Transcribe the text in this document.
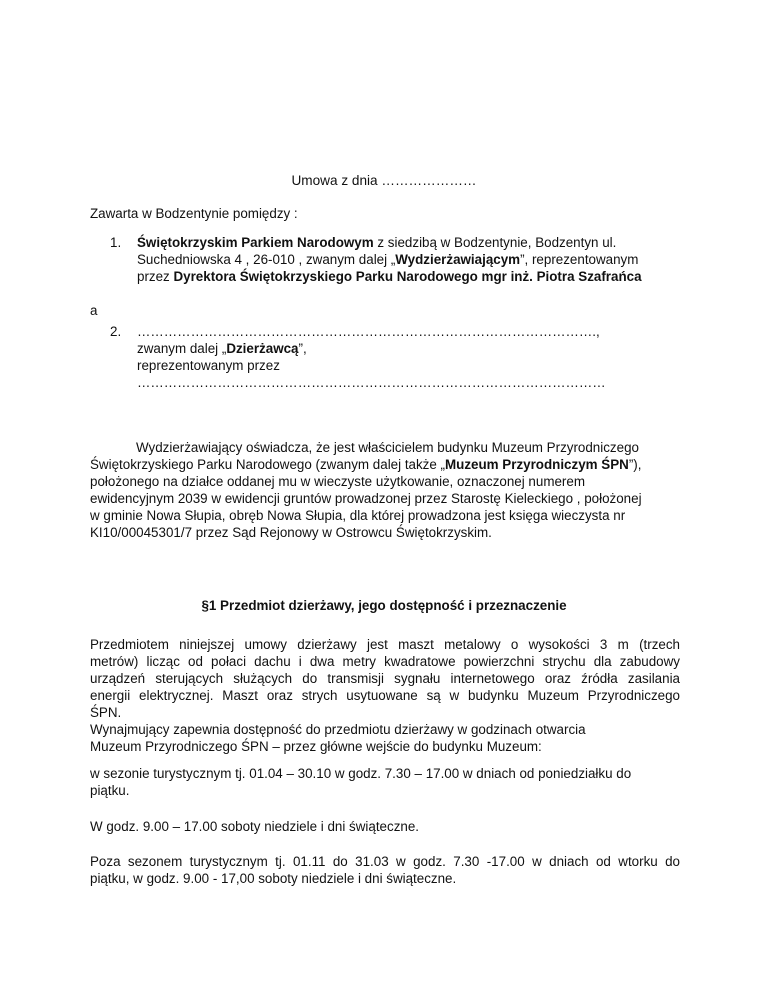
Umowa z dnia …………………
Zawarta w Bodzentynie pomiędzy :
1.	Świętokrzyskim Parkiem Narodowym z siedzibą w Bodzentynie, Bodzentyn ul.
Suchedniowska 4 , 26-010 , zwanym dalej „Wydzierżawiającym”, reprezentowanym
przez Dyrektora Świętokrzyskiego Parku Narodowego mgr inż. Piotra Szafrańca
a
2.	………………………………………………………………………………………….,
zwanym dalej „Dzierżawcą”,
reprezentowanym przez
……………………………………………………………………………………………
Wydzierżawiający oświadcza, że jest właścicielem budynku Muzeum Przyrodniczego
Świętokrzyskiego Parku Narodowego (zwanym dalej także „Muzeum Przyrodniczym ŚPN”),
położonego na działce oddanej mu w wieczyste użytkowanie, oznaczonej numerem
ewidencyjnym 2039 w ewidencji gruntów prowadzonej przez Starostę Kieleckiego , położonej
w gminie Nowa Słupia, obręb Nowa Słupia, dla której prowadzona jest księga wieczysta nr
KI10/00045301/7 przez Sąd Rejonowy w Ostrowcu Świętokrzyskim.
§1 Przedmiot dzierżawy, jego dostępność i przeznaczenie
Przedmiotem niniejszej umowy dzierżawy jest maszt metalowy o wysokości 3 m (trzech
metrów) licząc od połaci dachu i dwa metry kwadratowe powierzchni strychu dla zabudowy
urządzeń sterujących służących do transmisji sygnału internetowego oraz źródła zasilania
energii elektrycznej. Maszt oraz strych usytuowane są w budynku Muzeum Przyrodniczego
ŚPN.
Wynajmujący zapewnia dostępność do przedmiotu dzierżawy w godzinach otwarcia
Muzeum Przyrodniczego ŚPN – przez główne wejście do budynku Muzeum:
w sezonie turystycznym tj. 01.04 – 30.10 w godz. 7.30 – 17.00 w dniach od poniedziałku do
piątku.
W godz. 9.00 – 17.00 soboty niedziele i dni świąteczne.
Poza sezonem turystycznym tj. 01.11 do 31.03 w godz. 7.30 -17.00 w dniach od wtorku do
piątku, w godz. 9.00 - 17,00 soboty niedziele i dni świąteczne.
